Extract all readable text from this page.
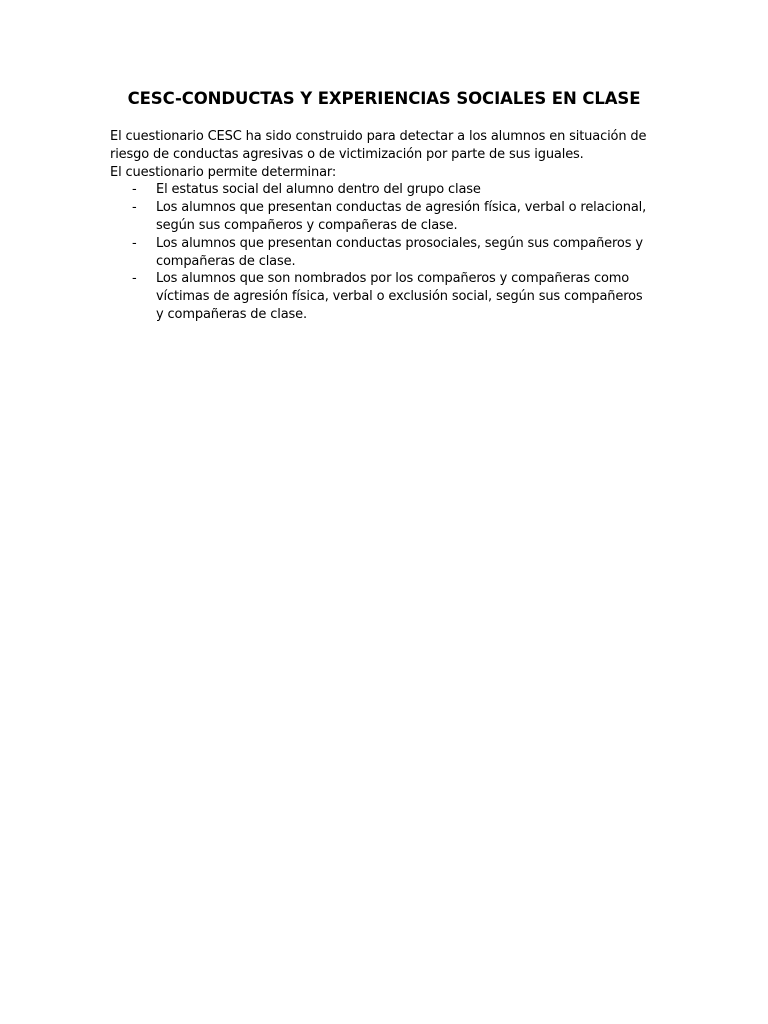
CESC-CONDUCTAS Y EXPERIENCIAS SOCIALES EN CLASE

El cuestionario CESC ha sido construido para detectar a los alumnos en situación de riesgo de conductas agresivas o de victimización por parte de sus iguales.

El cuestionario permite determinar:

- El estatus social del alumno dentro del grupo clase
- Los alumnos que presentan conductas de agresión física, verbal o relacional, según sus compañeros y compañeras de clase.
- Los alumnos que presentan conductas prosociales, según sus compañeros y compañeras de clase.
- Los alumnos que son nombrados por los compañeros y compañeras como víctimas de agresión física, verbal o exclusión social, según sus compañeros y compañeras de clase.
